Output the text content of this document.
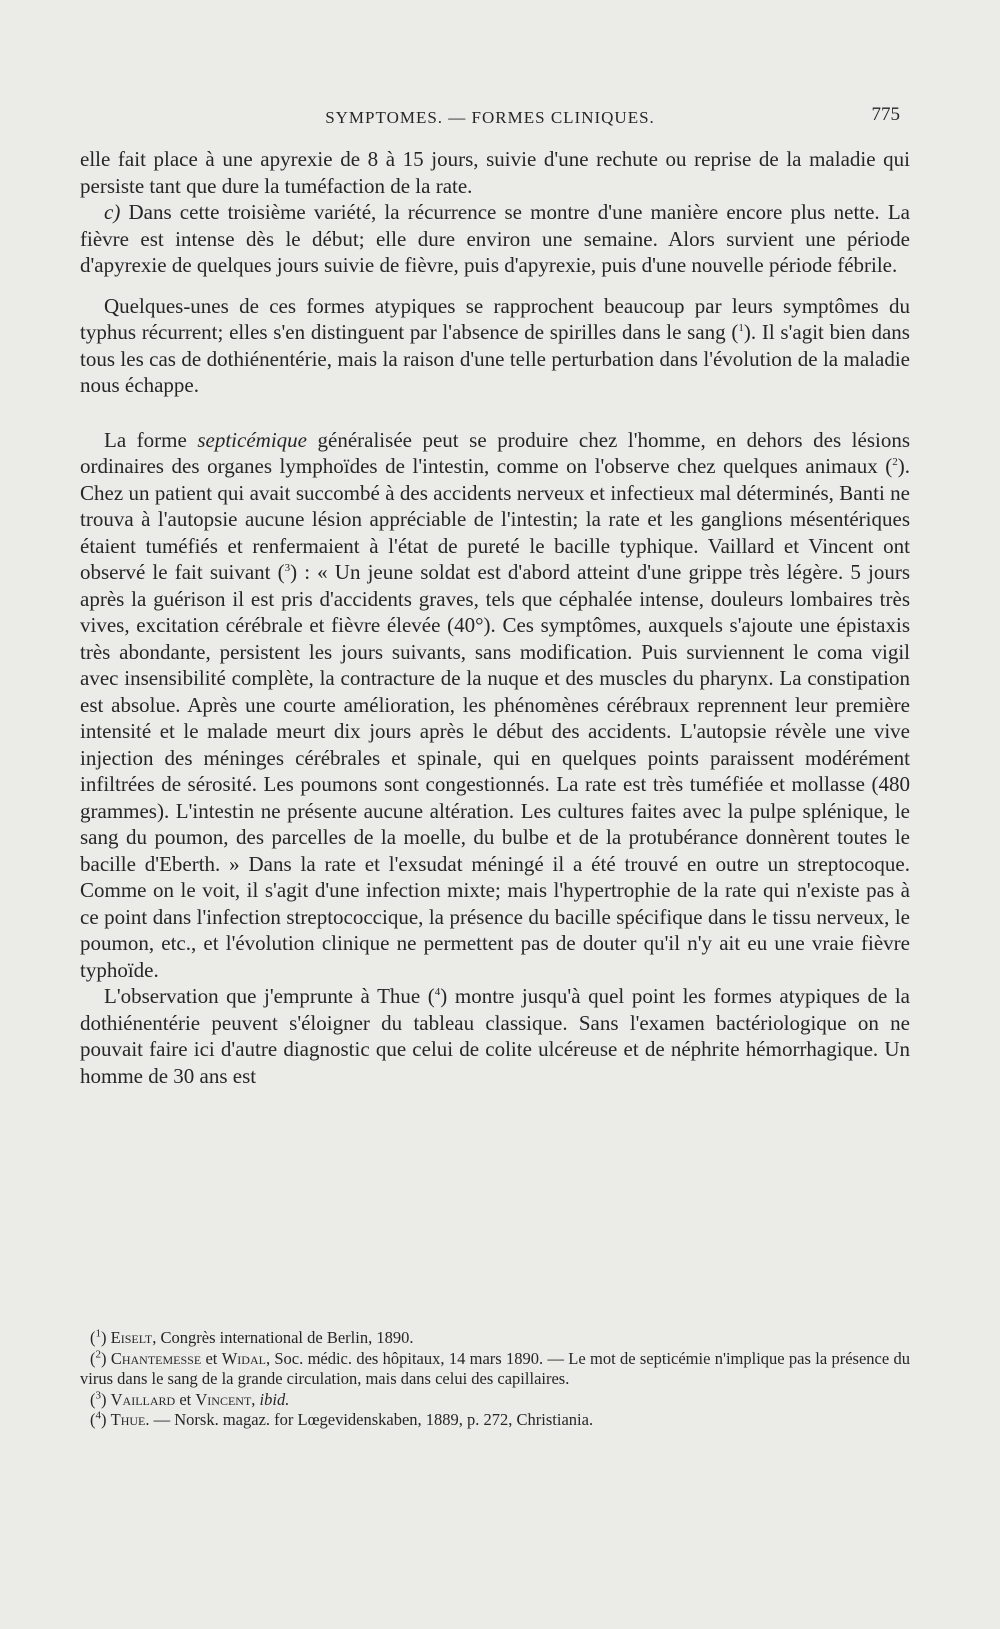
SYMPTOMES. — FORMES CLINIQUES.	775

elle fait place à une apyrexie de 8 à 15 jours, suivie d'une rechute ou reprise de la maladie qui persiste tant que dure la tuméfaction de la rate.

c) Dans cette troisième variété, la récurrence se montre d'une manière encore plus nette. La fièvre est intense dès le début; elle dure environ une semaine. Alors survient une période d'apyrexie de quelques jours suivie de fièvre, puis d'apyrexie, puis d'une nouvelle période fébrile.

Quelques-unes de ces formes atypiques se rapprochent beaucoup par leurs symptômes du typhus récurrent; elles s'en distinguent par l'absence de spirilles dans le sang ($^1$). Il s'agit bien dans tous les cas de dothiénentérie, mais la raison d'une telle perturbation dans l'évolution de la maladie nous échappe.

La forme septicémique généralisée peut se produire chez l'homme, en dehors des lésions ordinaires des organes lymphoïdes de l'intestin, comme on l'observe chez quelques animaux ($^2$). Chez un patient qui avait succombé à des accidents nerveux et infectieux mal déterminés, Banti ne trouva à l'autopsie aucune lésion appréciable de l'intestin; la rate et les ganglions mésentériques étaient tuméfiés et renfermaient à l'état de pureté le bacille typhique. Vaillard et Vincent ont observé le fait suivant ($^3$) : « Un jeune soldat est d'abord atteint d'une grippe très légère. 5 jours après la guérison il est pris d'accidents graves, tels que céphalée intense, douleurs lombaires très vives, excitation cérébrale et fièvre élevée (40°). Ces symptômes, auxquels s'ajoute une épistaxis très abondante, persistent les jours suivants, sans modification. Puis surviennent le coma vigil avec insensibilité complète, la contracture de la nuque et des muscles du pharynx. La constipation est absolue. Après une courte amélioration, les phénomènes cérébraux reprennent leur première intensité et le malade meurt dix jours après le début des accidents. L'autopsie révèle une vive injection des méninges cérébrales et spinale, qui en quelques points paraissent modérément infiltrées de sérosité. Les poumons sont congestionnés. La rate est très tuméfiée et mollasse (480 grammes). L'intestin ne présente aucune altération. Les cultures faites avec la pulpe splénique, le sang du poumon, des parcelles de la moelle, du bulbe et de la protubérance donnèrent toutes le bacille d'Eberth. » Dans la rate et l'exsudat méningé il a été trouvé en outre un streptocoque. Comme on le voit, il s'agit d'une infection mixte; mais l'hypertrophie de la rate qui n'existe pas à ce point dans l'infection streptococcique, la présence du bacille spécifique dans le tissu nerveux, le poumon, etc., et l'évolution clinique ne permettent pas de douter qu'il n'y ait eu une vraie fièvre typhoïde.

L'observation que j'emprunte à Thue ($^4$) montre jusqu'à quel point les formes atypiques de la dothiénentérie peuvent s'éloigner du tableau classique. Sans l'examen bactériologique on ne pouvait faire ici d'autre diagnostic que celui de colite ulcéreuse et de néphrite hémorrhagique. Un homme de 30 ans est

($^1$) Eiselt, Congrès international de Berlin, 1890.

($^2$) Chantemesse et Widal, Soc. médic. des hôpitaux, 14 mars 1890. — Le mot de septicémie n'implique pas la présence du virus dans le sang de la grande circulation, mais dans celui des capillaires.

($^3$) Vaillard et Vincent, ibid.

($^4$) Thue. — Norsk. magaz. for Lœgevidenskaben, 1889, p. 272, Christiania.
